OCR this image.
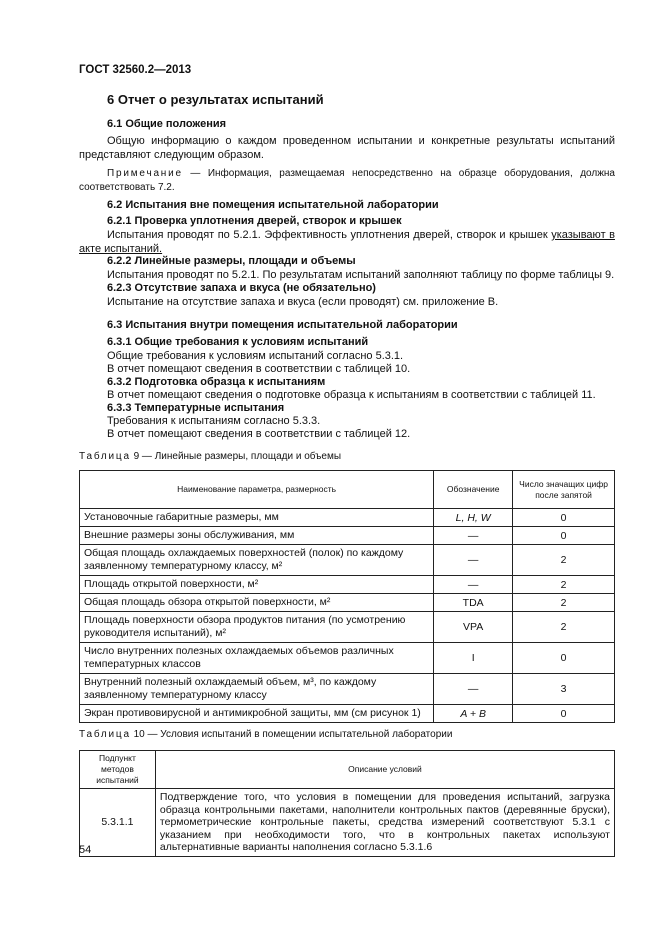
ГОСТ 32560.2—2013
6 Отчет о результатах испытаний
6.1 Общие положения
Общую информацию о каждом проведенном испытании и конкретные результаты испытаний представляют следующим образом.
Примечание — Информация, размещаемая непосредственно на образце оборудования, должна соответствовать 7.2.
6.2 Испытания вне помещения испытательной лаборатории
6.2.1 Проверка уплотнения дверей, створок и крышек
Испытания проводят по 5.2.1. Эффективность уплотнения дверей, створок и крышек указывают в акте испытаний.
6.2.2 Линейные размеры, площади и объемы
Испытания проводят по 5.2.1. По результатам испытаний заполняют таблицу по форме таблицы 9.
6.2.3 Отсутствие запаха и вкуса (не обязательно)
Испытание на отсутствие запаха и вкуса (если проводят) см. приложение В.
6.3 Испытания внутри помещения испытательной лаборатории
6.3.1 Общие требования к условиям испытаний
Общие требования к условиям испытаний согласно 5.3.1.
В отчет помещают сведения в соответствии с таблицей 10.
6.3.2 Подготовка образца к испытаниям
В отчет помещают сведения о подготовке образца к испытаниям в соответствии с таблицей 11.
6.3.3 Температурные испытания
Требования к испытаниям согласно 5.3.3.
В отчет помещают сведения в соответствии с таблицей 12.
Таблица 9 — Линейные размеры, площади и объемы
Наименование параметра, размерность	Обозначение	Число значащих цифр после запятой
Установочные габаритные размеры, мм	L, H, W	0
Внешние размеры зоны обслуживания, мм	—	0
Общая площадь охлаждаемых поверхностей (полок) по каждому заявленному температурному классу, м²	—	2
Площадь открытой поверхности, м²	—	2
Общая площадь обзора открытой поверхности, м²	TDA	2
Площадь поверхности обзора продуктов питания (по усмотрению руководителя испытаний), м²	VPA	2
Число внутренних полезных охлаждаемых объемов различных температурных классов	I	0
Внутренний полезный охлаждаемый объем, м³, по каждому заявленному температурному классу	—	3
Экран противовирусной и антимикробной защиты, мм (см рисунок 1)	A + B	0
Таблица 10 — Условия испытаний в помещении испытательной лаборатории
Подпункт методов испытаний	Описание условий
5.3.1.1	Подтверждение того, что условия в помещении для проведения испытаний, загрузка образца контрольными пакетами, наполнители контрольных пактов (деревянные бруски), термометрические контрольные пакеты, средства измерений соответствуют 5.3.1 с указанием при необходимости того, что в контрольных пакетах используют альтернативные варианты наполнения согласно 5.3.1.6
54
